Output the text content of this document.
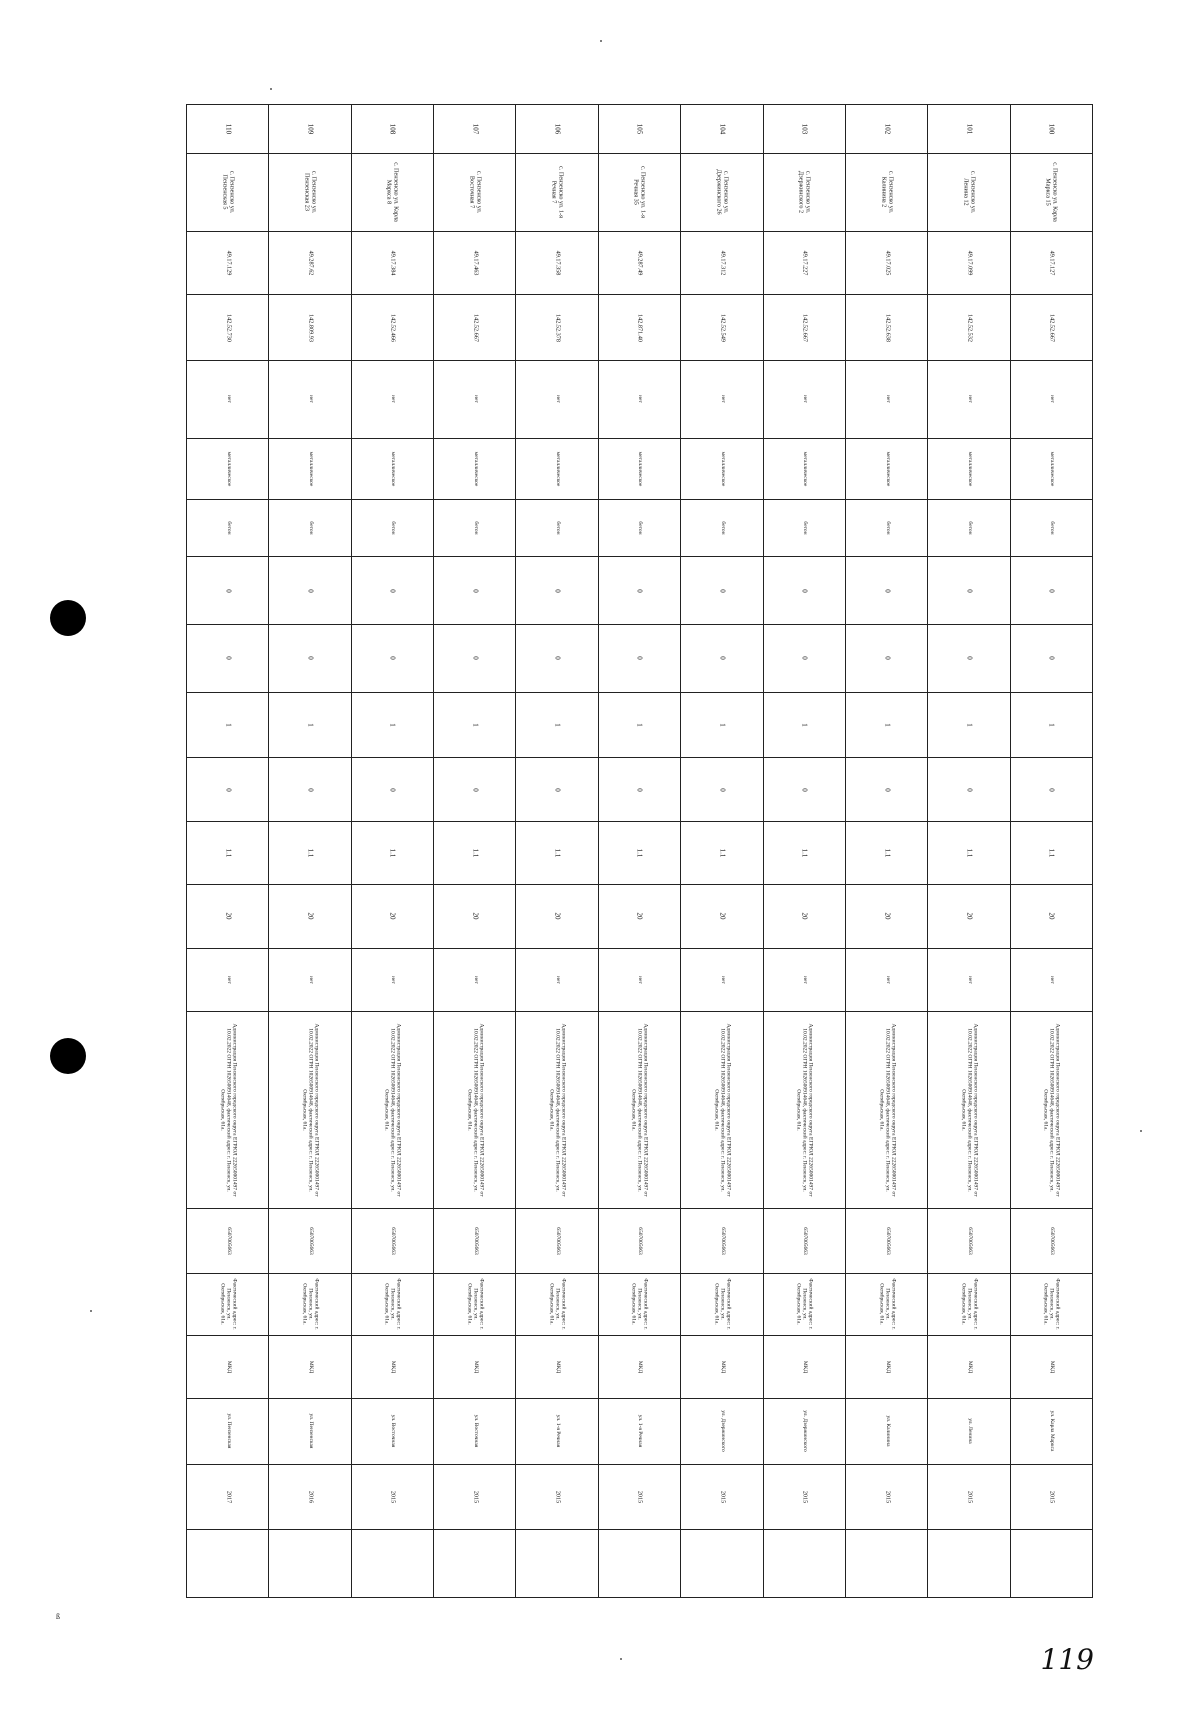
110	109	108	107	106	105	104	103	102	101	100

с. Пензенско ул. Пензенская 5	с. Пензенско ул. Пензенская 23	с. Пензенско ул. Карла Маркса 8	с. Пензенско ул. Восточная 7	с. Пензенско ул. 1-я Речная 7	с. Пензенско ул. 1-я Речная 35	с. Пензенско ул. Дзержинского 26	с. Пензенско ул. Дзержинского 2	с. Пензенско ул. Калинина 2	с. Пензенско ул. Ленина 12	с. Пензенско ул. Карла Маркса 15

49.17.129	49.287.62	49.17.384	49.17.463	49.17.358	49.287.49	49.17.312	49.17.227	49.17.025	49.17.099	49.17.127

142.52.730	142.809.93	142.52.466	142.52.667	142.52.378	142.871.40	142.52.549	142.52.667	142.52.638	142.52.532	142.52.667

нет	нет	нет	нет	нет	нет	нет	нет	нет	нет	нет

металлическое	металлическое	металлическое	металлическое	металлическое	металлическое	металлическое	металлическое	металлическое	металлическое	металлическое

бетон	бетон	бетон	бетон	бетон	бетон	бетон	бетон	бетон	бетон	бетон

0	0	0	0	0	0	0	0	0	0	0

0	0	0	0	0	0	0	0	0	0	0

1	1	1	1	1	1	1	1	1	1	1

0	0	0	0	0	0	0	0	0	0	0

1.1	1.1	1.1	1.1	1.1	1.1	1.1	1.1	1.1	1.1	1.1

20	20	20	20	20	20	20	20	20	20	20

нет	нет	нет	нет	нет	нет	нет	нет	нет	нет	нет

Администрация Пензенского городского округа ЕГРЮЛ 222650001497 от 10.02.2022 ОГРН 1026500914648, фактический адрес: г. Пензенск, ул. Октябрьская, 61а.	Администрация Пензенского городского округа ЕГРЮЛ 222650001497 от 10.02.2022 ОГРН 1026500914648, фактический адрес: г. Пензенск, ул. Октябрьская, 61а.	Администрация Пензенского городского округа ЕГРЮЛ 222650001497 от 10.02.2022 ОГРН 1026500914648, фактический адрес: г. Пензенск, ул. Октябрьская, 61а.	Администрация Пензенского городского округа ЕГРЮЛ 222650001497 от 10.02.2022 ОГРН 1026500914648, фактический адрес: г. Пензенск, ул. Октябрьская, 61а.	Администрация Пензенского городского округа ЕГРЮЛ 222650001497 от 10.02.2022 ОГРН 1026500914648, фактический адрес: г. Пензенск, ул. Октябрьская, 61а.	Администрация Пензенского городского округа ЕГРЮЛ 222650001497 от 10.02.2022 ОГРН 1026500914648, фактический адрес: г. Пензенск, ул. Октябрьская, 61а.	Администрация Пензенского городского округа ЕГРЮЛ 222650001497 от 10.02.2022 ОГРН 1026500914648, фактический адрес: г. Пензенск, ул. Октябрьская, 61а.	Администрация Пензенского городского округа ЕГРЮЛ 222650001497 от 10.02.2022 ОГРН 1026500914648, фактический адрес: г. Пензенск, ул. Октябрьская, 61а.	Администрация Пензенского городского округа ЕГРЮЛ 222650001497 от 10.02.2022 ОГРН 1026500914648, фактический адрес: г. Пензенск, ул. Октябрьская, 61а.	Администрация Пензенского городского округа ЕГРЮЛ 222650001497 от 10.02.2022 ОГРН 1026500914648, фактический адрес: г. Пензенск, ул. Октябрьская, 61а.	Администрация Пензенского городского округа ЕГРЮЛ 222650001497 от 10.02.2022 ОГРН 1026500914648, фактический адрес: г. Пензенск, ул. Октябрьская, 61а.

6507005663	6507005663	6507005663	6507005663	6507005663	6507005663	6507005663	6507005663	6507005663	6507005663	6507005663

Фактический адрес: г. Пензенск, ул. Октябрьская, 61а.	Фактический адрес: г. Пензенск, ул. Октябрьская, 61а.	Фактический адрес: г. Пензенск, ул. Октябрьская, 61а.	Фактический адрес: г. Пензенск, ул. Октябрьская, 61а.	Фактический адрес: г. Пензенск, ул. Октябрьская, 61а.	Фактический адрес: г. Пензенск, ул. Октябрьская, 61а.	Фактический адрес: г. Пензенск, ул. Октябрьская, 61а.	Фактический адрес: г. Пензенск, ул. Октябрьская, 61а.	Фактический адрес: г. Пензенск, ул. Октябрьская, 61а.	Фактический адрес: г. Пензенск, ул. Октябрьская, 61а.	Фактический адрес: г. Пензенск, ул. Октябрьская, 61а.

МКД	МКД	МКД	МКД	МКД	МКД	МКД	МКД	МКД	МКД	МКД

ул. Пензенская	ул. Пензенская	ул. Восточная	ул. Восточная	ул. 1-я Речная	ул. 1-я Речная	ул. Дзержинского	ул. Дзержинского	ул. Калинина	ул. Ленина	ул. Карла Маркса

2017	2016	2015	2015	2015	2015	2015	2015	2015	2015	2015

ß
119
